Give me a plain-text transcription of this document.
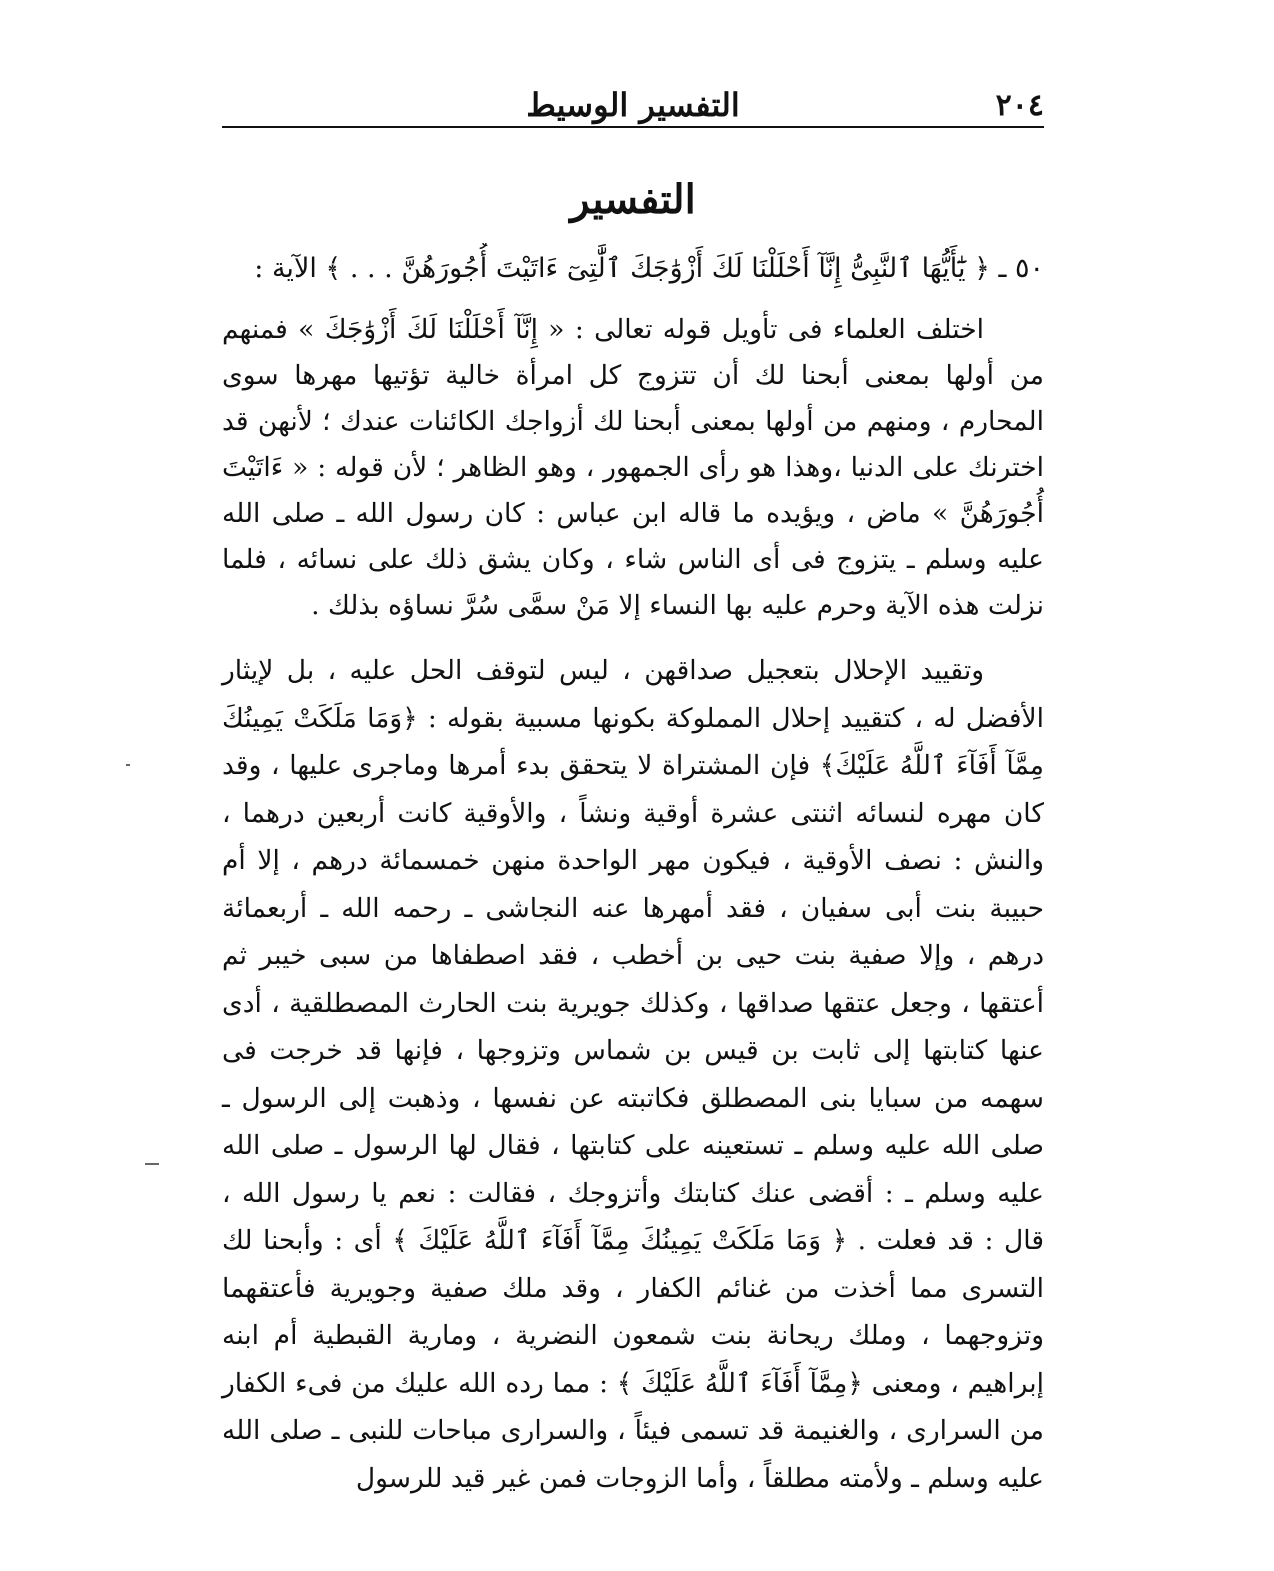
٢٠٤
التفسير الوسيط
التفسير
٥٠ ـ ﴿ يَٰٓأَيُّهَا ٱلنَّبِىُّ إِنَّآ أَحْلَلْنَا لَكَ أَزْوَٰجَكَ ٱلَّٰتِىٓ ءَاتَيْتَ أُجُورَهُنَّ . . . ﴾ الآية :

اختلف العلماء فى تأويل قوله تعالى : « إِنَّآ أَحْلَلْنَا لَكَ أَزْوَٰجَكَ » فمنهم من أولها بمعنى أبحنا لك أن تتزوج كل امرأة خالية تؤتيها مهرها سوى المحارم ، ومنهم من أولها بمعنى أبحنا لك أزواجك الكائنات عندك ؛ لأنهن قد اخترنك على الدنيا ،وهذا هو رأى الجمهور ، وهو الظاهر ؛ لأن قوله : « ءَاتَيْتَ أُجُورَهُنَّ » ماض ، ويؤيده ما قاله ابن عباس : كان رسول الله ـ صلى الله عليه وسلم ـ يتزوج فى أى الناس شاء ، وكان يشق ذلك على نسائه ، فلما نزلت هذه الآية وحرم عليه بها النساء إلا مَنْ سمَّى سُرَّ نساؤه بذلك .

وتقييد الإحلال بتعجيل صداقهن ، ليس لتوقف الحل عليه ، بل لإيثار الأفضل له ، كتقييد إحلال المملوكة بكونها مسبية بقوله : ﴿وَمَا مَلَكَتْ يَمِينُكَ مِمَّآ أَفَآءَ ٱللَّهُ عَلَيْكَ﴾ فإن المشتراة لا يتحقق بدء أمرها وماجرى عليها ، وقد كان مهره لنسائه اثنتى عشرة أوقية ونشاً ، والأوقية كانت أربعين درهما ، والنش : نصف الأوقية ، فيكون مهر الواحدة منهن خمسمائة درهم ، إلا أم حبيبة بنت أبى سفيان ، فقد أمهرها عنه النجاشى ـ رحمه الله ـ أربعمائة درهم ، وإلا صفية بنت حيى بن أخطب ، فقد اصطفاها من سبى خيبر ثم أعتقها ، وجعل عتقها صداقها ، وكذلك جويرية بنت الحارث المصطلقية ، أدى عنها كتابتها إلى ثابت بن قيس بن شماس وتزوجها ، فإنها قد خرجت فى سهمه من سبايا بنى المصطلق فكاتبته عن نفسها ، وذهبت إلى الرسول ـ صلى الله عليه وسلم ـ تستعينه على كتابتها ، فقال لها الرسول ـ صلى الله عليه وسلم ـ : أقضى عنك كتابتك وأتزوجك ، فقالت : نعم يا رسول الله ، قال : قد فعلت . ﴿ وَمَا مَلَكَتْ يَمِينُكَ مِمَّآ أَفَآءَ ٱللَّهُ عَلَيْكَ ﴾ أى : وأبحنا لك التسرى مما أخذت من غنائم الكفار ، وقد ملك صفية وجويرية فأعتقهما وتزوجهما ، وملك ريحانة بنت شمعون النضرية ، ومارية القبطية أم ابنه إبراهيم ، ومعنى ﴿مِمَّآ أَفَآءَ ٱللَّهُ عَلَيْكَ ﴾ : مما رده الله عليك من فىء الكفار من السرارى ، والغنيمة قد تسمى فيئاً ، والسرارى مباحات للنبى ـ صلى الله عليه وسلم ـ ولأمته مطلقاً ، وأما الزوجات فمن غير قيد للرسول
